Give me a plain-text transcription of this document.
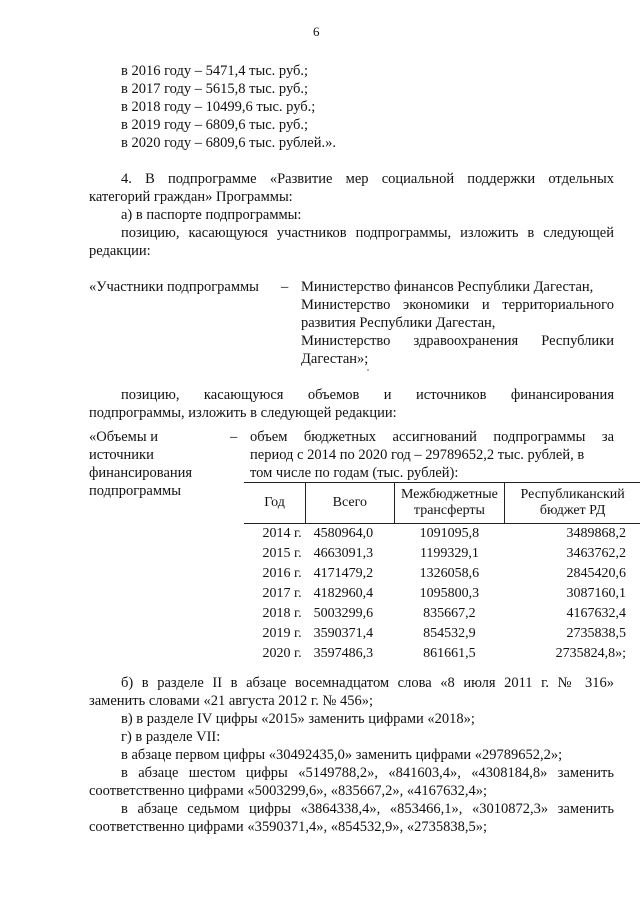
6
в 2016 году – 5471,4 тыс. руб.;
в 2017 году – 5615,8 тыс. руб.;
в 2018 году – 10499,6 тыс. руб.;
в 2019 году – 6809,6 тыс. руб.;
в 2020 году – 6809,6 тыс. рублей.».
4. В подпрограмме «Развитие мер социальной поддержки отдельных
категорий граждан» Программы:
а) в паспорте подпрограммы:
позицию, касающуюся участников подпрограммы, изложить в следующей
редакции:
«Участники подпрограммы – Министерство финансов Республики Дагестан,
Министерство экономики и территориального
развития Республики Дагестан,
Министерство здравоохранения Республики
Дагестан»;
позицию, касающуюся объемов и источников финансирования
подпрограммы, изложить в следующей редакции:
«Объемы и
источники
финансирования
подпрограммы
– объем бюджетных ассигнований подпрограммы за
период с 2014 по 2020 год – 29789652,2 тыс. рублей, в
том числе по годам (тыс. рублей):
Год	Всего	Межбюджетные трансферты	Республиканский бюджет РД
2014 г.	4580964,0	1091095,8	3489868,2
2015 г.	4663091,3	1199329,1	3463762,2
2016 г.	4171479,2	1326058,6	2845420,6
2017 г.	4182960,4	1095800,3	3087160,1
2018 г.	5003299,6	835667,2	4167632,4
2019 г.	3590371,4	854532,9	2735838,5
2020 г.	3597486,3	861661,5	2735824,8»;
б) в разделе II в абзаце восемнадцатом слова «8 июля 2011 г. № 316»
заменить словами «21 августа 2012 г. № 456»;
в) в разделе IV цифры «2015» заменить цифрами «2018»;
г) в разделе VII:
в абзаце первом цифры «30492435,0» заменить цифрами «29789652,2»;
в абзаце шестом цифры «5149788,2», «841603,4», «4308184,8» заменить
соответственно цифрами «5003299,6», «835667,2», «4167632,4»;
в абзаце седьмом цифры «3864338,4», «853466,1», «3010872,3» заменить
соответственно цифрами «3590371,4», «854532,9», «2735838,5»;
